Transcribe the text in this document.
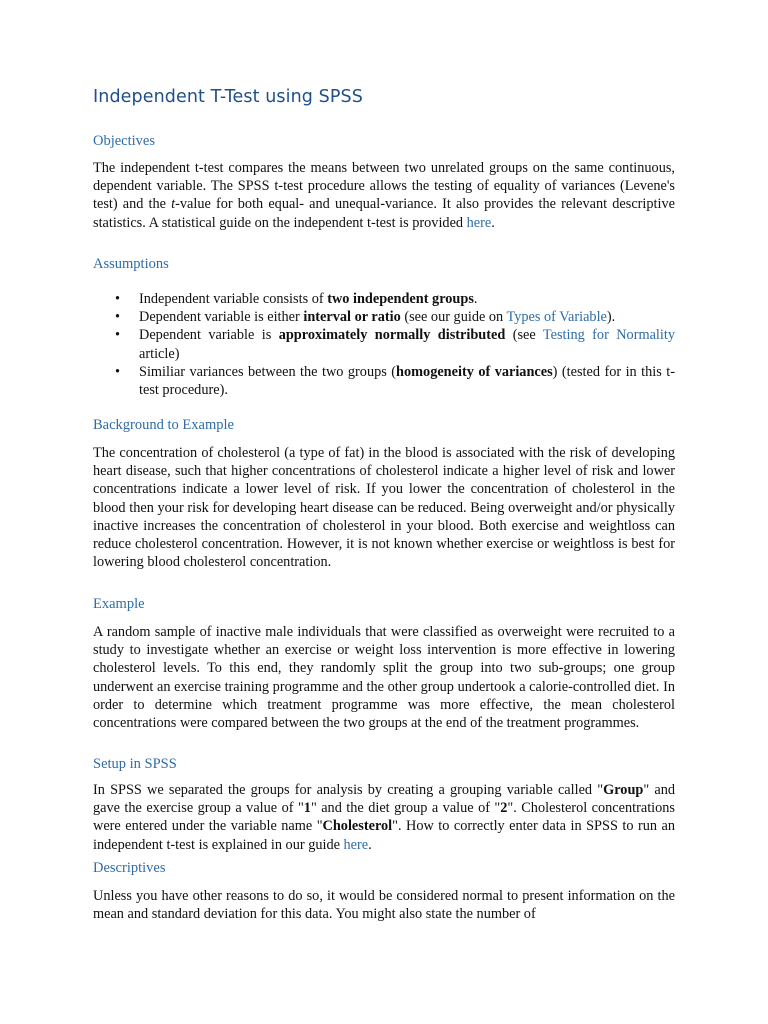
Independent T-Test using SPSS
Objectives

The independent t-test compares the means between two unrelated groups on the same continuous, dependent variable. The SPSS t-test procedure allows the testing of equality of variances (Levene's test) and the t-value for both equal- and unequal-variance. It also provides the relevant descriptive statistics. A statistical guide on the independent t-test is provided here.

Assumptions
• Independent variable consists of two independent groups.
• Dependent variable is either interval or ratio (see our guide on Types of Variable).
• Dependent variable is approximately normally distributed (see Testing for Normality article)
• Similiar variances between the two groups (homogeneity of variances) (tested for in this t-test procedure).
Background to Example

The concentration of cholesterol (a type of fat) in the blood is associated with the risk of developing heart disease, such that higher concentrations of cholesterol indicate a higher level of risk and lower concentrations indicate a lower level of risk. If you lower the concentration of cholesterol in the blood then your risk for developing heart disease can be reduced. Being overweight and/or physically inactive increases the concentration of cholesterol in your blood. Both exercise and weightloss can reduce cholesterol concentration. However, it is not known whether exercise or weightloss is best for lowering blood cholesterol concentration.

Example

A random sample of inactive male individuals that were classified as overweight were recruited to a study to investigate whether an exercise or weight loss intervention is more effective in lowering cholesterol levels. To this end, they randomly split the group into two sub-groups; one group underwent an exercise training programme and the other group undertook a calorie-controlled diet. In order to determine which treatment programme was more effective, the mean cholesterol concentrations were compared between the two groups at the end of the treatment programmes.

Setup in SPSS

In SPSS we separated the groups for analysis by creating a grouping variable called "Group" and gave the exercise group a value of "1" and the diet group a value of "2". Cholesterol concentrations were entered under the variable name "Cholesterol". How to correctly enter data in SPSS to run an independent t-test is explained in our guide here.

Descriptives

Unless you have other reasons to do so, it would be considered normal to present information on the mean and standard deviation for this data. You might also state the number of
